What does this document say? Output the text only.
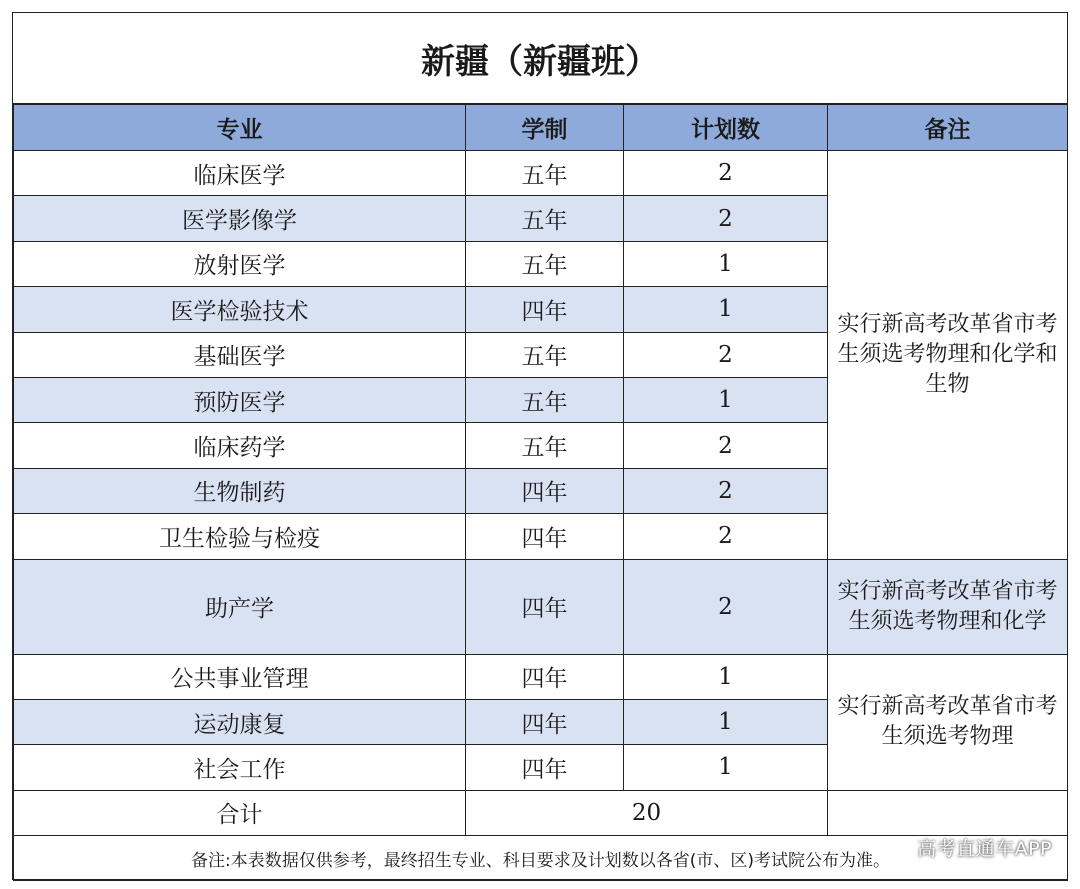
新疆（新疆班）
专业	学制	计划数	备注
临床医学	五年	2	实行新高考改革省市考生须选考物理和化学和生物
医学影像学	五年	2	
放射医学	五年	1	
医学检验技术	四年	1	
基础医学	五年	2	
预防医学	五年	1	
临床药学	五年	2	
生物制药	四年	2	
卫生检验与检疫	四年	2	
助产学	四年	2	实行新高考改革省市考生须选考物理和化学
公共事业管理	四年	1	实行新高考改革省市考生须选考物理
运动康复	四年	1	
社会工作	四年	1	
合计	20		
备注:本表数据仅供参考，最终招生专业、科目要求及计划数以各省(市、区)考试院公布为准。			
高考直通车APP
